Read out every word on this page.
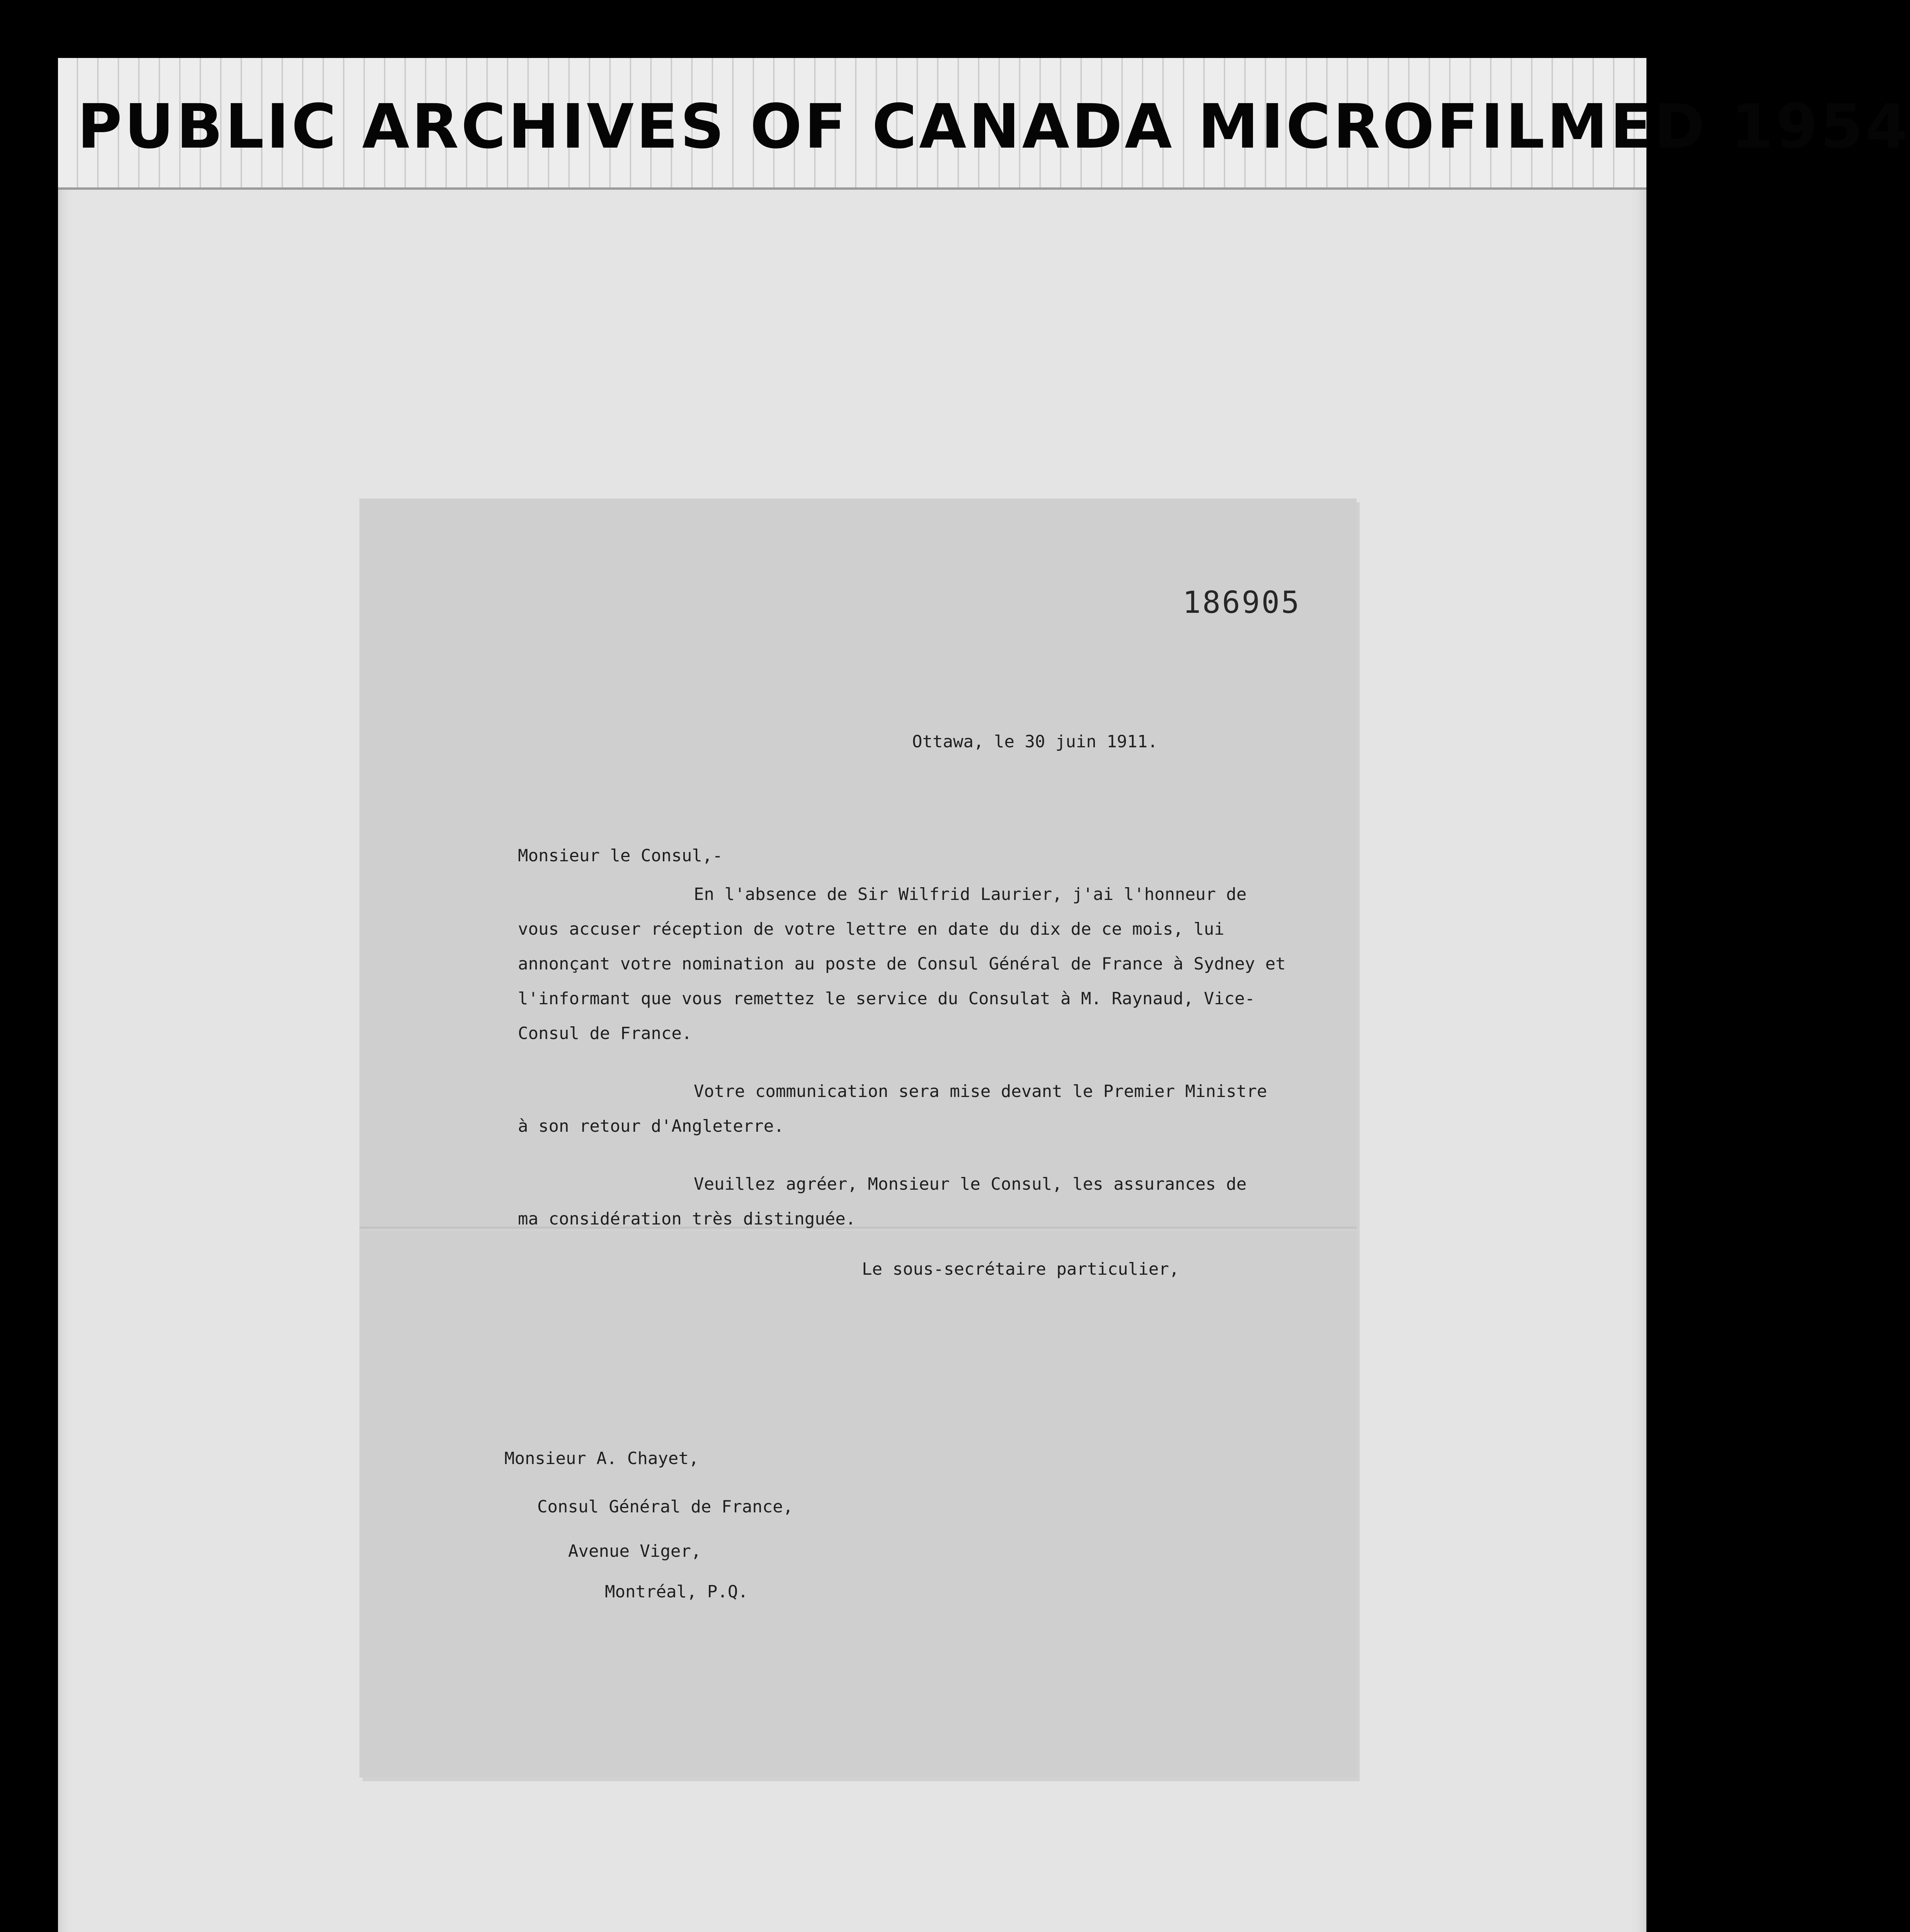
PUBLIC ARCHIVES OF CANADA MICROFILMED 1954
186905
Ottawa, le 30 juin 1911.
Monsieur le Consul,-
En l'absence de Sir Wilfrid Laurier, j'ai l'honneur de
vous accuser réception de votre lettre en date du dix de ce mois, lui
annonçant votre nomination au poste de Consul Général de France à Sydney et
l'informant que vous remettez le service du Consulat à M. Raynaud, Vice-
Consul de France.
Votre communication sera mise devant le Premier Ministre
à son retour d'Angleterre.
Veuillez agréer, Monsieur le Consul, les assurances de
ma considération très distinguée.
Le sous-secrétaire particulier,
Monsieur A. Chayet,
Consul Général de France,
Avenue Viger,
Montréal, P.Q.
